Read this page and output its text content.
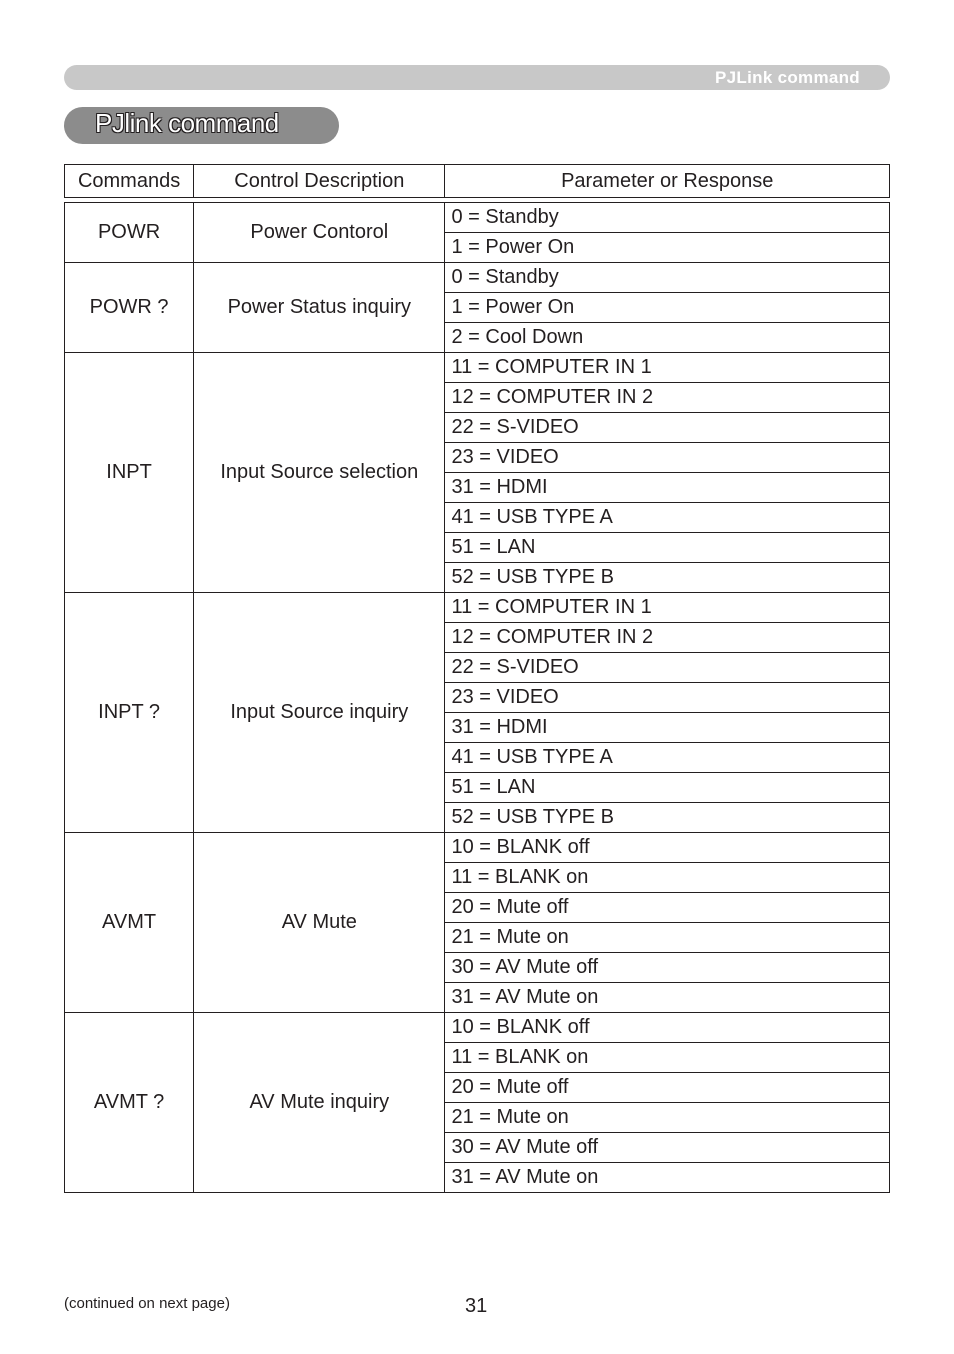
PJLink command
PJlink command
Commands	Control Description	Parameter or Response
POWR	Power Contorol	0 = Standby
		1 = Power On
POWR ?	Power Status inquiry	0 = Standby
		1 = Power On
		2 = Cool Down
INPT	Input Source selection	11 = COMPUTER IN 1
		12 = COMPUTER IN 2
		22 = S-VIDEO
		23 = VIDEO
		31 = HDMI
		41 = USB TYPE A
		51 = LAN
		52 = USB TYPE B
INPT ?	Input Source inquiry	11 = COMPUTER IN 1
		12 = COMPUTER IN 2
		22 = S-VIDEO
		23 = VIDEO
		31 = HDMI
		41 = USB TYPE A
		51 = LAN
		52 = USB TYPE B
AVMT	AV Mute	10 = BLANK off
		11 = BLANK on
		20 = Mute off
		21 = Mute on
		30 = AV Mute off
		31 = AV Mute on
AVMT ?	AV Mute inquiry	10 = BLANK off
		11 = BLANK on
		20 = Mute off
		21 = Mute on
		30 = AV Mute off
		31 = AV Mute on
(continued on next page)	31
